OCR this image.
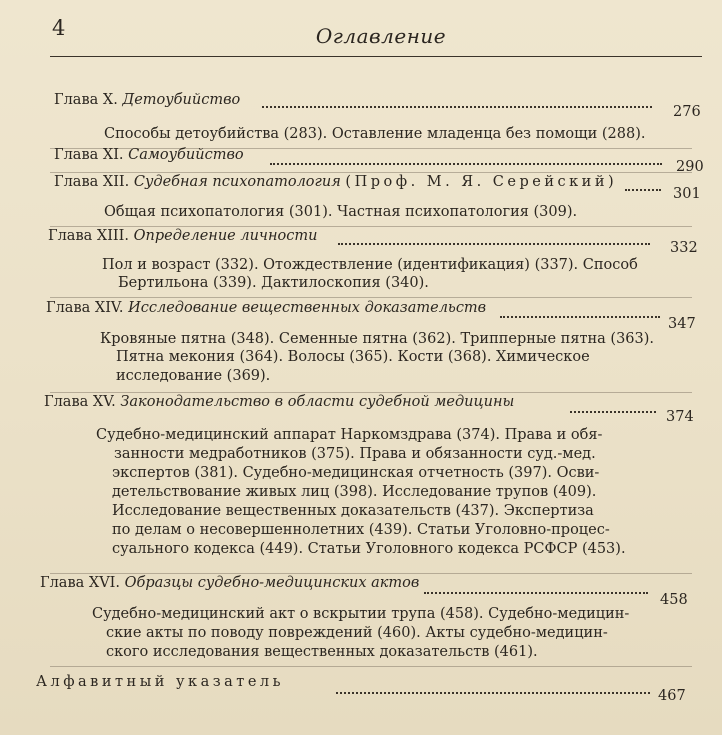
4	Оглавление
Глава X. Детоубийство
276
Способы детоубийства (283). Оставление младенца без помощи (288).
Глава XI. Самоубийство
290
Глава XII. Судебная психопатология (Проф. М. Я. Серейский)
301
Общая психопатология (301). Частная психопатология (309).
Глава XIII. Определение личности
332
Пол и возраст (332). Отождествление (идентификация) (337). Способ
Бертильона (339). Дактилоскопия (340).
Глава XIV. Исследование вещественных доказательств
347
Кровяные пятна (348). Семенные пятна (362). Трипперные пятна (363).
Пятна мекония (364). Волосы (365). Кости (368). Химическое
исследование (369).
Глава XV. Законодательство в области судебной медицины
374
Судебно-медицинский аппарат Наркомздрава (374). Права и обя-
занности медработников (375). Права и обязанности суд.-мед.
экспертов (381). Судебно-медицинская отчетность (397). Осви-
детельствование живых лиц (398). Исследование трупов (409).
Исследование вещественных доказательств (437). Экспертиза
по делам о несовершеннолетних (439). Статьи Уголовно-процес-
суального кодекса (449). Статьи Уголовного кодекса РСФСР (453).
Глава XVI. Образцы судебно-медицинских актов
458
Судебно-медицинский акт о вскрытии трупа (458). Судебно-медицин-
ские акты по поводу повреждений (460). Акты судебно-медицин-
ского исследования вещественных доказательств (461).
Алфавитный указатель
467
